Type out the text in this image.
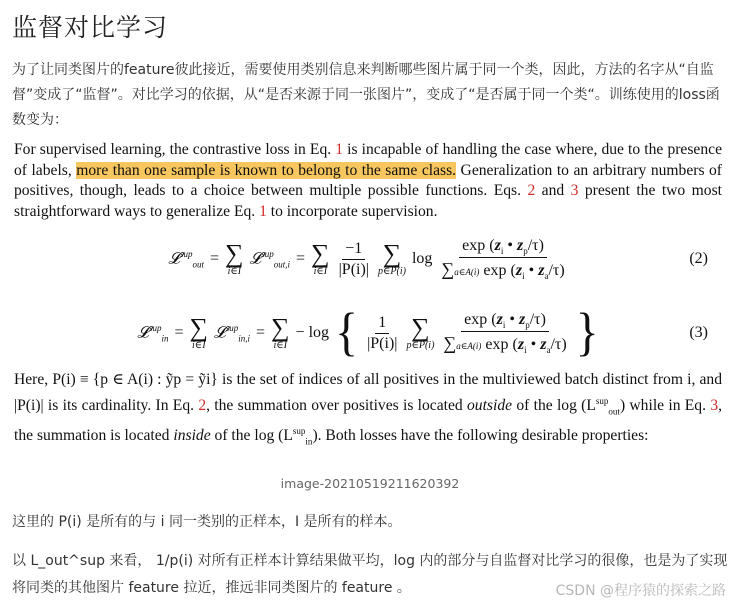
监督对比学习
为了让同类图片的feature彼此接近，需要使用类别信息来判断哪些图片属于同一个类，因此，方法的名字从“自监督”变成了“监督”。对比学习的依据，从“是否来源于同一张图片”，变成了“是否属于同一个类“。训练使用的loss函数变为：
For supervised learning, the contrastive loss in Eq. 1 is incapable of handling the case where, due to the presence of labels, more than one sample is known to belong to the same class. Generalization to an arbitrary numbers of positives, though, leads to a choice between multiple possible functions. Eqs. 2 and 3 present the two most straightforward ways to generalize Eq. 1 to incorporate supervision.
𝓛$^{sup}_{out}$ = ∑
i∈I
𝓛$^{sup}_{out,i}$ = ∑
i∈I $\frac{-1}{|P(i)|}$ ∑
p∈P(i)
$\log \frac{\exp (z_i • z_p/\tau)}{\sum a\in A(i) \exp (z_i • z_a/\tau)}$	(2)
𝓛$^{sup}_{in}$ = ∑
i∈I
𝓛$^{sup}_{in,i}$ = ∑
i∈I
− log { $\frac{1}{|P(i)|}$ ∑
p∈P(i) $\frac{\exp (z_i • z_p/\tau)}{\sum a\in A(i) \exp (z_i • z_a/\tau)}$ }	(3)
Here, P(i) ≡ {p ∈ A(i) : ỹp = ỹi} is the set of indices of all positives in the multiviewed batch distinct from i, and |P(i)| is its cardinality. In Eq. 2, the summation over positives is located outside of the $\log (L^{sup}_{out})$ while in Eq. 3, the summation is located inside of the $\log (L^{sup}_{in})$. Both losses have the following desirable properties:
image-20210519211620392
这里的 P(i) 是所有的与 i 同一类别的正样本，I 是所有的样本。
以 L_out^sup 来看， 1/p(i) 对所有正样本计算结果做平均，log 内的部分与自监督对比学习的很像，也是为了实现将同类的其他图片 feature 拉近，推远非同类图片的 feature 。	CSDN @程序猿的探索之路
